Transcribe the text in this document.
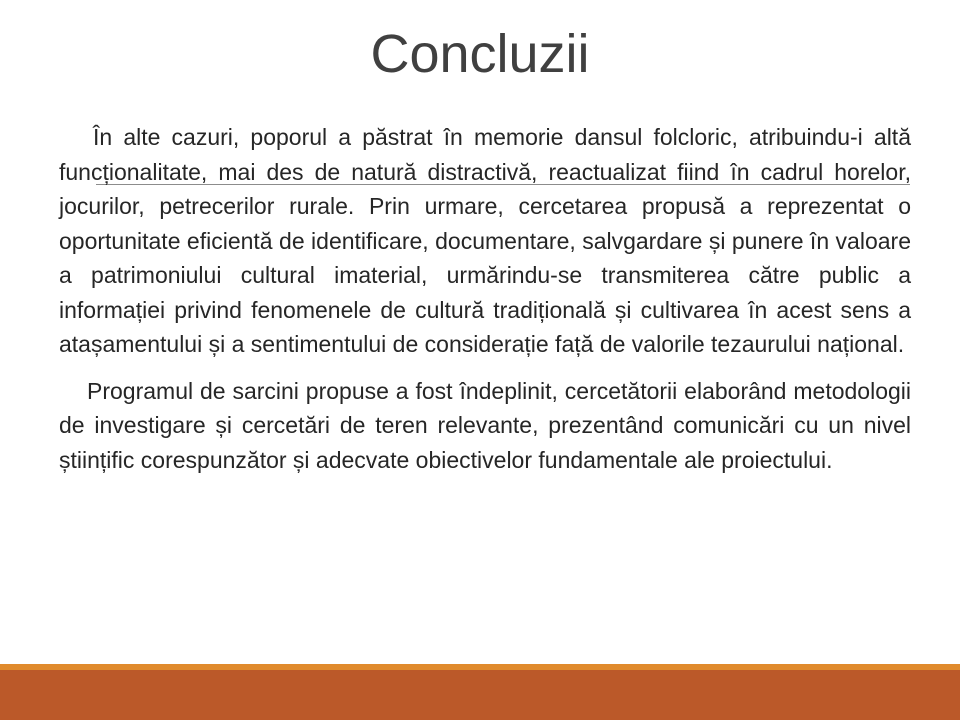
Concluzii

În alte cazuri, poporul a păstrat în memorie dansul folcloric, atribuindu-i altă funcționalitate, mai des de natură distractivă, reactualizat fiind în cadrul horelor, jocurilor, petrecerilor rurale. Prin urmare, cercetarea propusă a reprezentat o oportunitate eficientă de identificare, documentare, salvgardare și punere în valoare a patrimoniului cultural imaterial, urmărindu-se transmiterea către public a informației privind fenomenele de cultură tradițională și cultivarea în acest sens a atașamentului și a sentimentului de considerație față de valorile tezaurului național.

Programul de sarcini propuse a fost îndeplinit, cercetătorii elaborând metodologii de investigare și cercetări de teren relevante, prezentând comunicări cu un nivel științific corespunzător și adecvate obiectivelor fundamentale ale proiectului.
